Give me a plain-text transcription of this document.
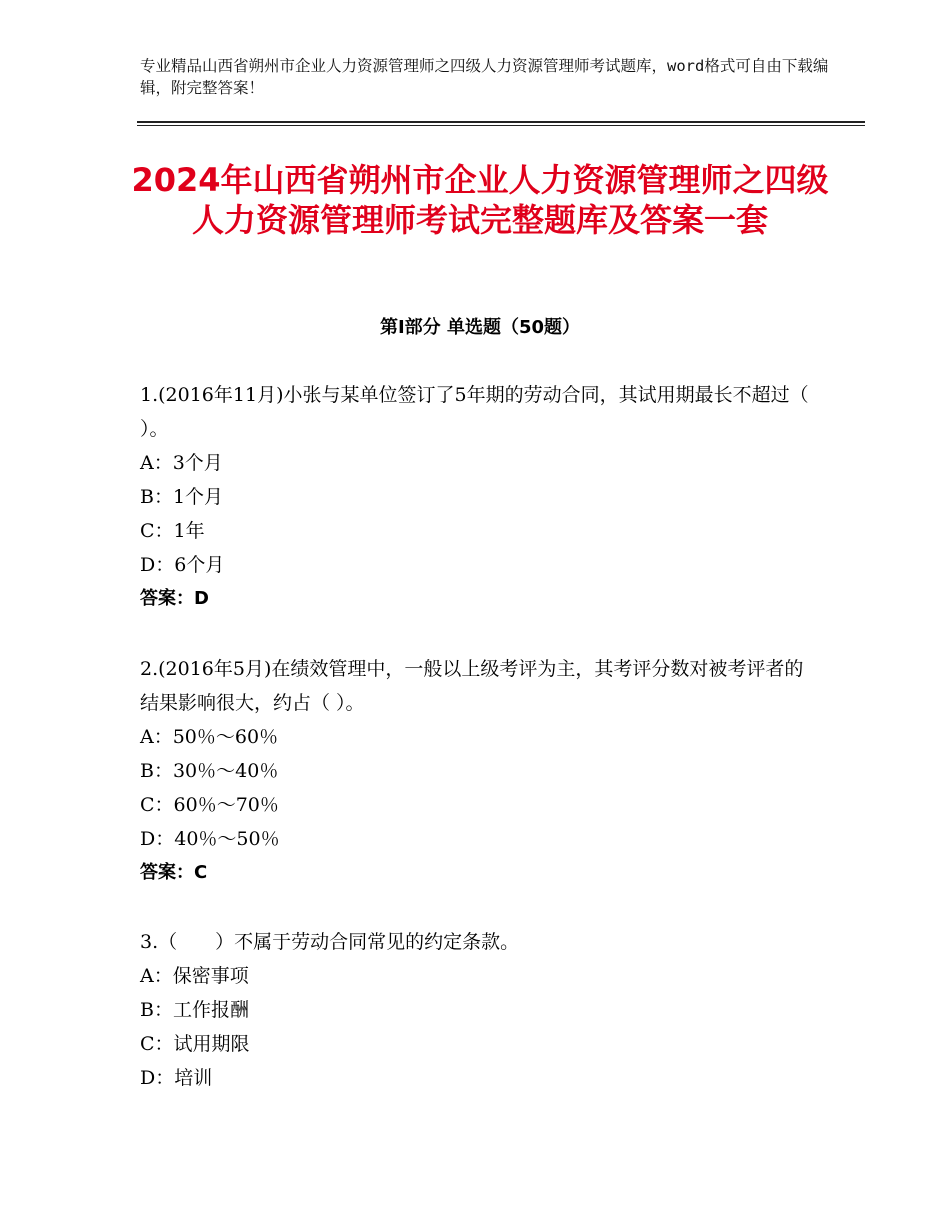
专业精品山西省朔州市企业人力资源管理师之四级人力资源管理师考试题库，word格式可自由下载编辑，附完整答案！
2024年山西省朔州市企业人力资源管理师之四级人力资源管理师考试完整题库及答案一套
第Ⅰ部分 单选题（50题）

1.(2016年11月)小张与某单位签订了5年期的劳动合同，其试用期最长不超过（ ）。

A：3个月

B：1个月

C：1年

D：6个月

答案：D

2.(2016年5月)在绩效管理中，一般以上级考评为主，其考评分数对被考评者的结果影响很大，约占（ ）。

A：50％～60％

B：30％～40％

C：60％～70％

D：40％～50％

答案：C

3.（　　）不属于劳动合同常见的约定条款。

A：保密事项

B：工作报酬

C：试用期限

D：培训
